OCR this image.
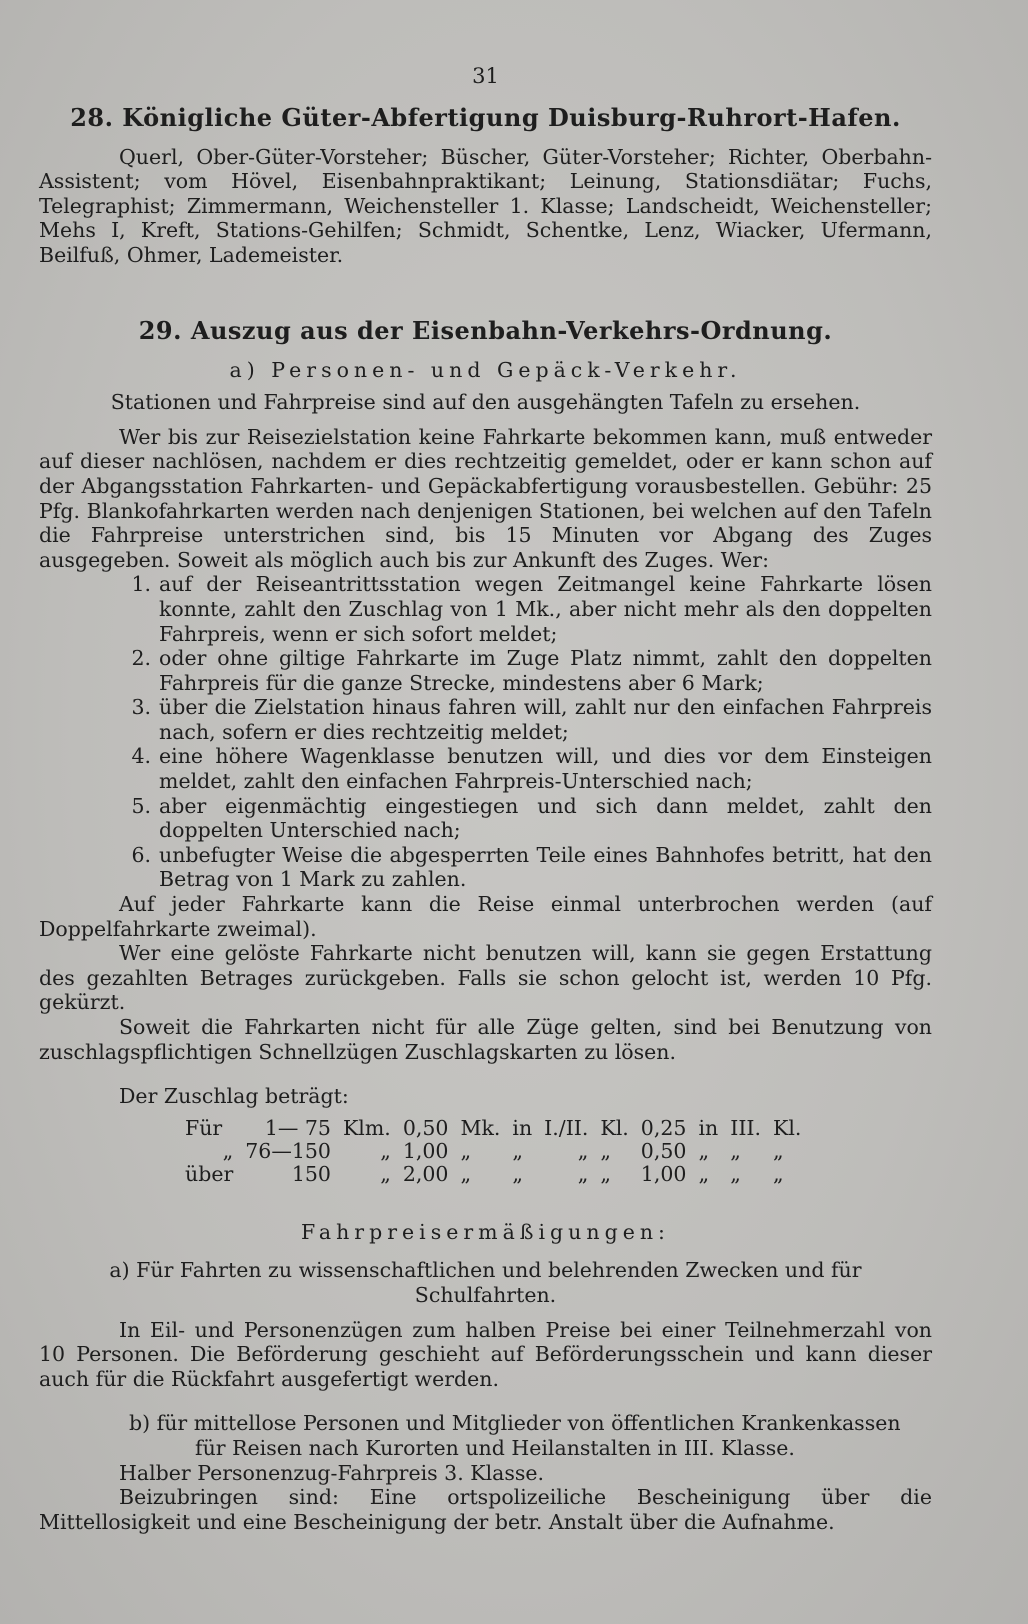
31
28. Königliche Güter-Abfertigung Duisburg-Ruhrort-Hafen.

Querl, Ober-Güter-Vorsteher; Büscher, Güter-Vorsteher; Richter, Oberbahn-Assistent; vom Hövel, Eisenbahnpraktikant; Leinung, Stationsdiätar; Fuchs, Telegraphist; Zimmermann, Weichensteller 1. Klasse; Landscheidt, Weichensteller; Mehs I, Kreft, Stations-Gehilfen; Schmidt, Schentke, Lenz, Wiacker, Ufermann, Beilfuß, Ohmer, Lademeister.

29. Auszug aus der Eisenbahn-Verkehrs-Ordnung.
a) Personen- und Gepäck-Verkehr.

Stationen und Fahrpreise sind auf den ausgehängten Tafeln zu ersehen.

Wer bis zur Reisezielstation keine Fahrkarte bekommen kann, muß entweder auf dieser nachlösen, nachdem er dies rechtzeitig gemeldet, oder er kann schon auf der Abgangsstation Fahrkarten- und Gepäckabfertigung vorausbestellen. Gebühr: 25 Pfg. Blankofahrkarten werden nach denjenigen Stationen, bei welchen auf den Tafeln die Fahrpreise unterstrichen sind, bis 15 Minuten vor Abgang des Zuges ausgegeben. Soweit als möglich auch bis zur Ankunft des Zuges. Wer:

1. auf der Reiseantrittsstation wegen Zeitmangel keine Fahrkarte lösen konnte, zahlt den Zuschlag von 1 Mk., aber nicht mehr als den doppelten Fahrpreis, wenn er sich sofort meldet;
2. oder ohne giltige Fahrkarte im Zuge Platz nimmt, zahlt den doppelten Fahrpreis für die ganze Strecke, mindestens aber 6 Mark;
3. über die Zielstation hinaus fahren will, zahlt nur den einfachen Fahrpreis nach, sofern er dies rechtzeitig meldet;
4. eine höhere Wagenklasse benutzen will, und dies vor dem Einsteigen meldet, zahlt den einfachen Fahrpreis-Unterschied nach;
5. aber eigenmächtig eingestiegen und sich dann meldet, zahlt den doppelten Unterschied nach;
6. unbefugter Weise die abgesperrten Teile eines Bahnhofes betritt, hat den Betrag von 1 Mark zu zahlen.

Auf jeder Fahrkarte kann die Reise einmal unterbrochen werden (auf Doppelfahrkarte zweimal).

Wer eine gelöste Fahrkarte nicht benutzen will, kann sie gegen Erstattung des gezahlten Betrages zurückgeben. Falls sie schon gelocht ist, werden 10 Pfg. gekürzt.

Soweit die Fahrkarten nicht für alle Züge gelten, sind bei Benutzung von zuschlagspflichtigen Schnellzügen Zuschlagskarten zu lösen.

Der Zuschlag beträgt:

Für	1— 75	Klm.	0,50	Mk.	in	I./II.	Kl.	0,25	in	III.	Kl.
„	76—150	„	1,00	„	„	„	„	0,50	„	„	„
über	150	„	2,00	„	„	„	„	1,00	„	„	„
Fahrpreisermäßigungen:

a) Für Fahrten zu wissenschaftlichen und belehrenden Zwecken und für Schulfahrten.

In Eil- und Personenzügen zum halben Preise bei einer Teilnehmerzahl von 10 Personen. Die Beförderung geschieht auf Beförderungsschein und kann dieser auch für die Rückfahrt ausgefertigt werden.

b) für mittellose Personen und Mitglieder von öffentlichen Krankenkassen
für Reisen nach Kurorten und Heilanstalten in III. Klasse.

Halber Personenzug-Fahrpreis 3. Klasse.

Beizubringen sind: Eine ortspolizeiliche Bescheinigung über die Mittellosigkeit und eine Bescheinigung der betr. Anstalt über die Aufnahme.
